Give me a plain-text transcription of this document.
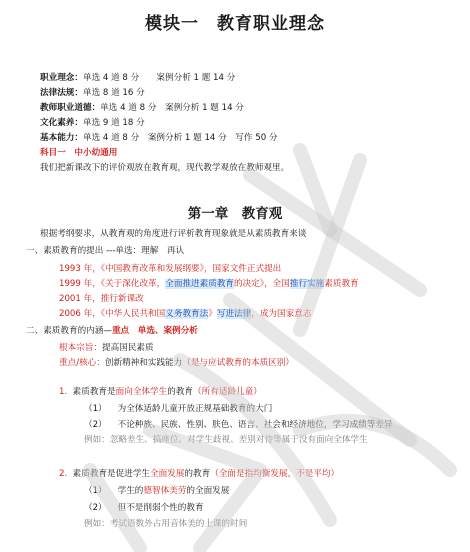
模块一　教育职业理念
职业理念：单选 4 道 8 分　　案例分析 1 题 14 分
法律法规：单选 8 道 16 分
教师职业道德：单选 4 道 8 分　案例分析 1 题 14 分
文化素养：单选 9 道 18 分
基本能力：单选 4 道 8 分　案例分析 1 题 14 分　写作 50 分
科目一　中小幼通用
我们把新课改下的评价观放在教育观，现代教学观放在教师观里。
第一章　教育观
根据考纲要求，从教育观的角度进行评析教育现象就是从素质教育来谈
一、素质教育的提出 ---单选：理解　再认
1993 年，《中国教育改革和发展纲要》，国家文件正式提出
1999 年，《关于深化改革，全面推进素质教育的决定》，全国推行实施素质教育
2001 年，推行新课改
2006 年，《中华人民共和国义务教育法》写进法律，成为国家意志
二、素质教育的内涵—重点　单选、案例分析
根本宗旨：提高国民素质
重点/核心：创新精神和实践能力（是与应试教育的本质区别）
1. 素质教育是面向全体学生的教育（所有适龄儿童）
（1） 为全体适龄儿童开放正规基础教育的大门
（2） 不论种族、民族、性别、肤色、语言、社会和经济地位，学习成绩等差异
例如：忽略差生、搞座位、对学生歧视、差别对待等属于没有面向全体学生
2. 素质教育是促进学生全面发展的教育（全面是指均衡发展，不是平均）
（1） 学生的德智体美劳的全面发展
（2） 但不是削弱个性的教育
例如：考试语数外占用音体美的上课的时间
